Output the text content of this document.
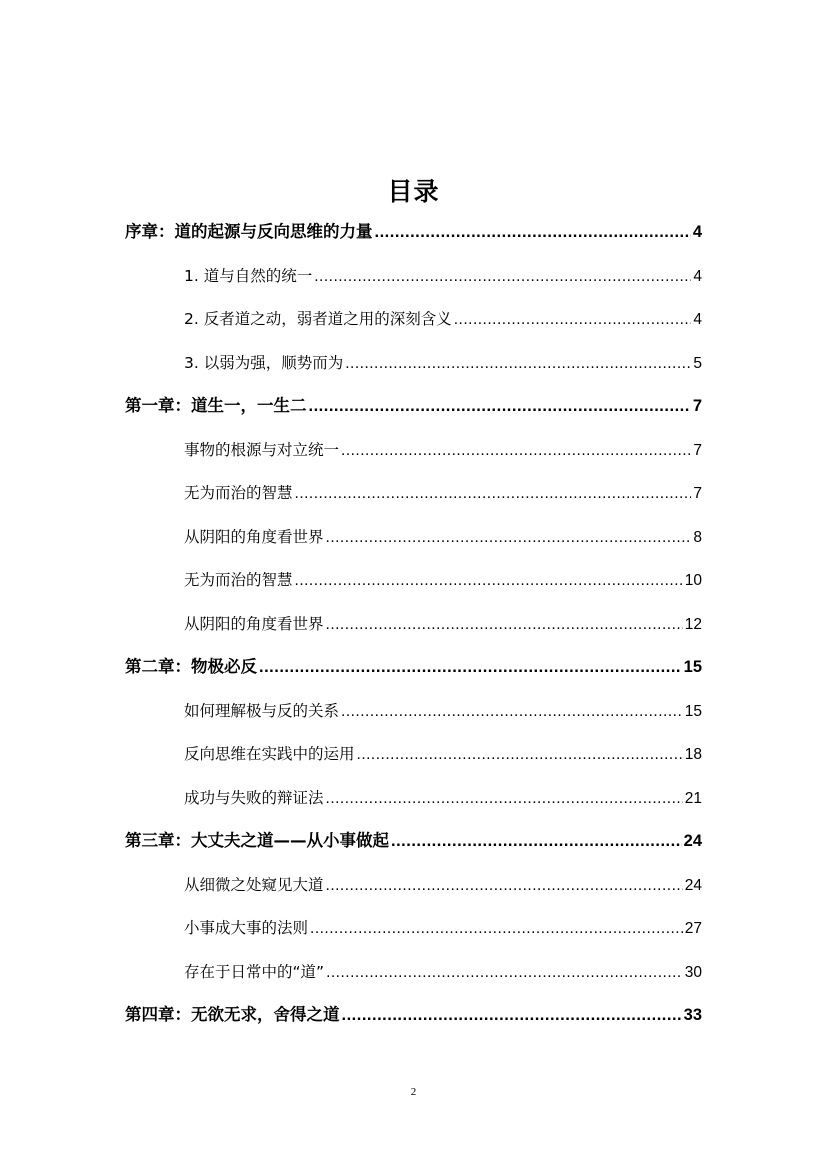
目录
序章：道的起源与反向思维的力量 .....	4
1. 道与自然的统一 .....	4
2. 反者道之动，弱者道之用的深刻含义 .....	4
3. 以弱为强，顺势而为 .....	5
第一章：道生一，一生二 .....	7
事物的根源与对立统一 .....	7
无为而治的智慧 .....	7
从阴阳的角度看世界 .....	8
无为而治的智慧 .....	10
从阴阳的角度看世界 .....	12
第二章：物极必反 .....	15
如何理解极与反的关系 .....	15
反向思维在实践中的运用 .....	18
成功与失败的辩证法 .....	21
第三章：大丈夫之道——从小事做起 .....	24
从细微之处窥见大道 .....	24
小事成大事的法则 .....	27
存在于日常中的“道” .....	30
第四章：无欲无求，舍得之道 .....	33
2
